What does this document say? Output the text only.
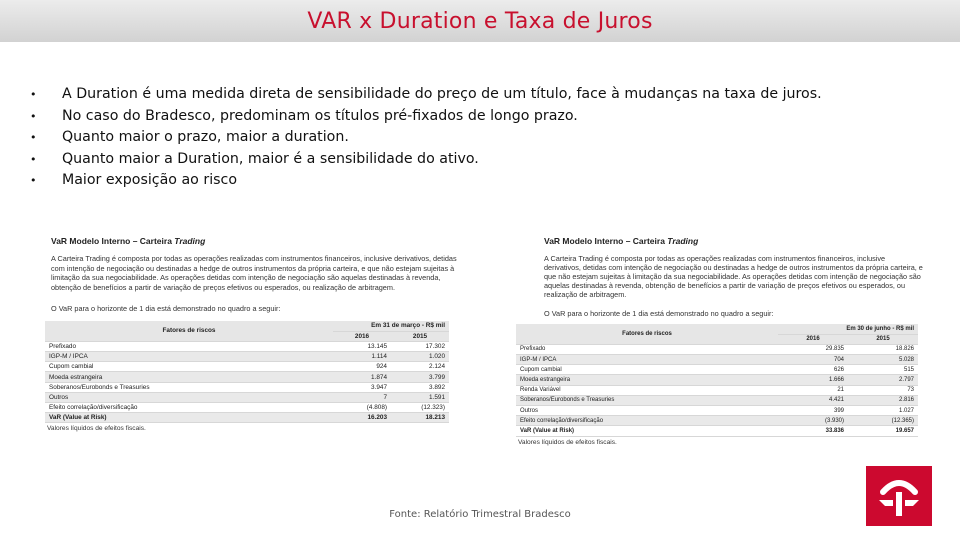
VAR x Duration e Taxa de Juros
•	A Duration é uma medida direta de sensibilidade do preço de um título, face à mudanças na taxa de juros.
•	No caso do Bradesco, predominam os títulos pré-fixados de longo prazo.
•	Quanto maior o prazo, maior a duration.
•	Quanto maior a Duration, maior é a sensibilidade do ativo.
•	Maior exposição ao risco
VaR Modelo Interno – Carteira Trading
A Carteira Trading é composta por todas as operações realizadas com instrumentos financeiros, inclusive derivativos, detidas com intenção de negociação ou destinadas a hedge de outros instrumentos da própria carteira, e que não estejam sujeitas à limitação da sua negociabilidade. As operações detidas com intenção de negociação são aquelas destinadas à revenda, obtenção de benefícios a partir de variação de preços efetivos ou esperados, ou realização de arbitragem.
O VaR para o horizonte de 1 dia está demonstrado no quadro a seguir:
Fatores de riscos	Em 31 de março - R$ mil	
	2016	2015
Prefixado	13.145	17.302
IGP-M / IPCA	1.114	1.020
Cupom cambial	924	2.124
Moeda estrangeira	1.874	3.799
Soberanos/Eurobonds e Treasuries	3.947	3.892
Outros	7	1.591
Efeito correlação/diversificação	(4.808)	(12.323)
VaR (Value at Risk)	16.203	18.213
Valores líquidos de efeitos fiscais.
VaR Modelo Interno – Carteira Trading
A Carteira Trading é composta por todas as operações realizadas com instrumentos financeiros, inclusive derivativos, detidas com intenção de negociação ou destinadas a hedge de outros instrumentos da própria carteira, e que não estejam sujeitas à limitação da sua negociabilidade. As operações detidas com intenção de negociação são aquelas destinadas à revenda, obtenção de benefícios a partir de variação de preços efetivos ou esperados, ou realização de arbitragem.
O VaR para o horizonte de 1 dia está demonstrado no quadro a seguir:
Fatores de riscos	Em 30 de junho - R$ mil	
	2016	2015
Prefixado	29.835	18.826
IGP-M / IPCA	704	5.028
Cupom cambial	626	515
Moeda estrangeira	1.666	2.797
Renda Variável	21	73
Soberanos/Eurobonds e Treasuries	4.421	2.816
Outros	399	1.027
Efeito correlação/diversificação	(3.930)	(12.365)
VaR (Value at Risk)	33.836	19.657
Valores líquidos de efeitos fiscais.
Fonte: Relatório Trimestral Bradesco
